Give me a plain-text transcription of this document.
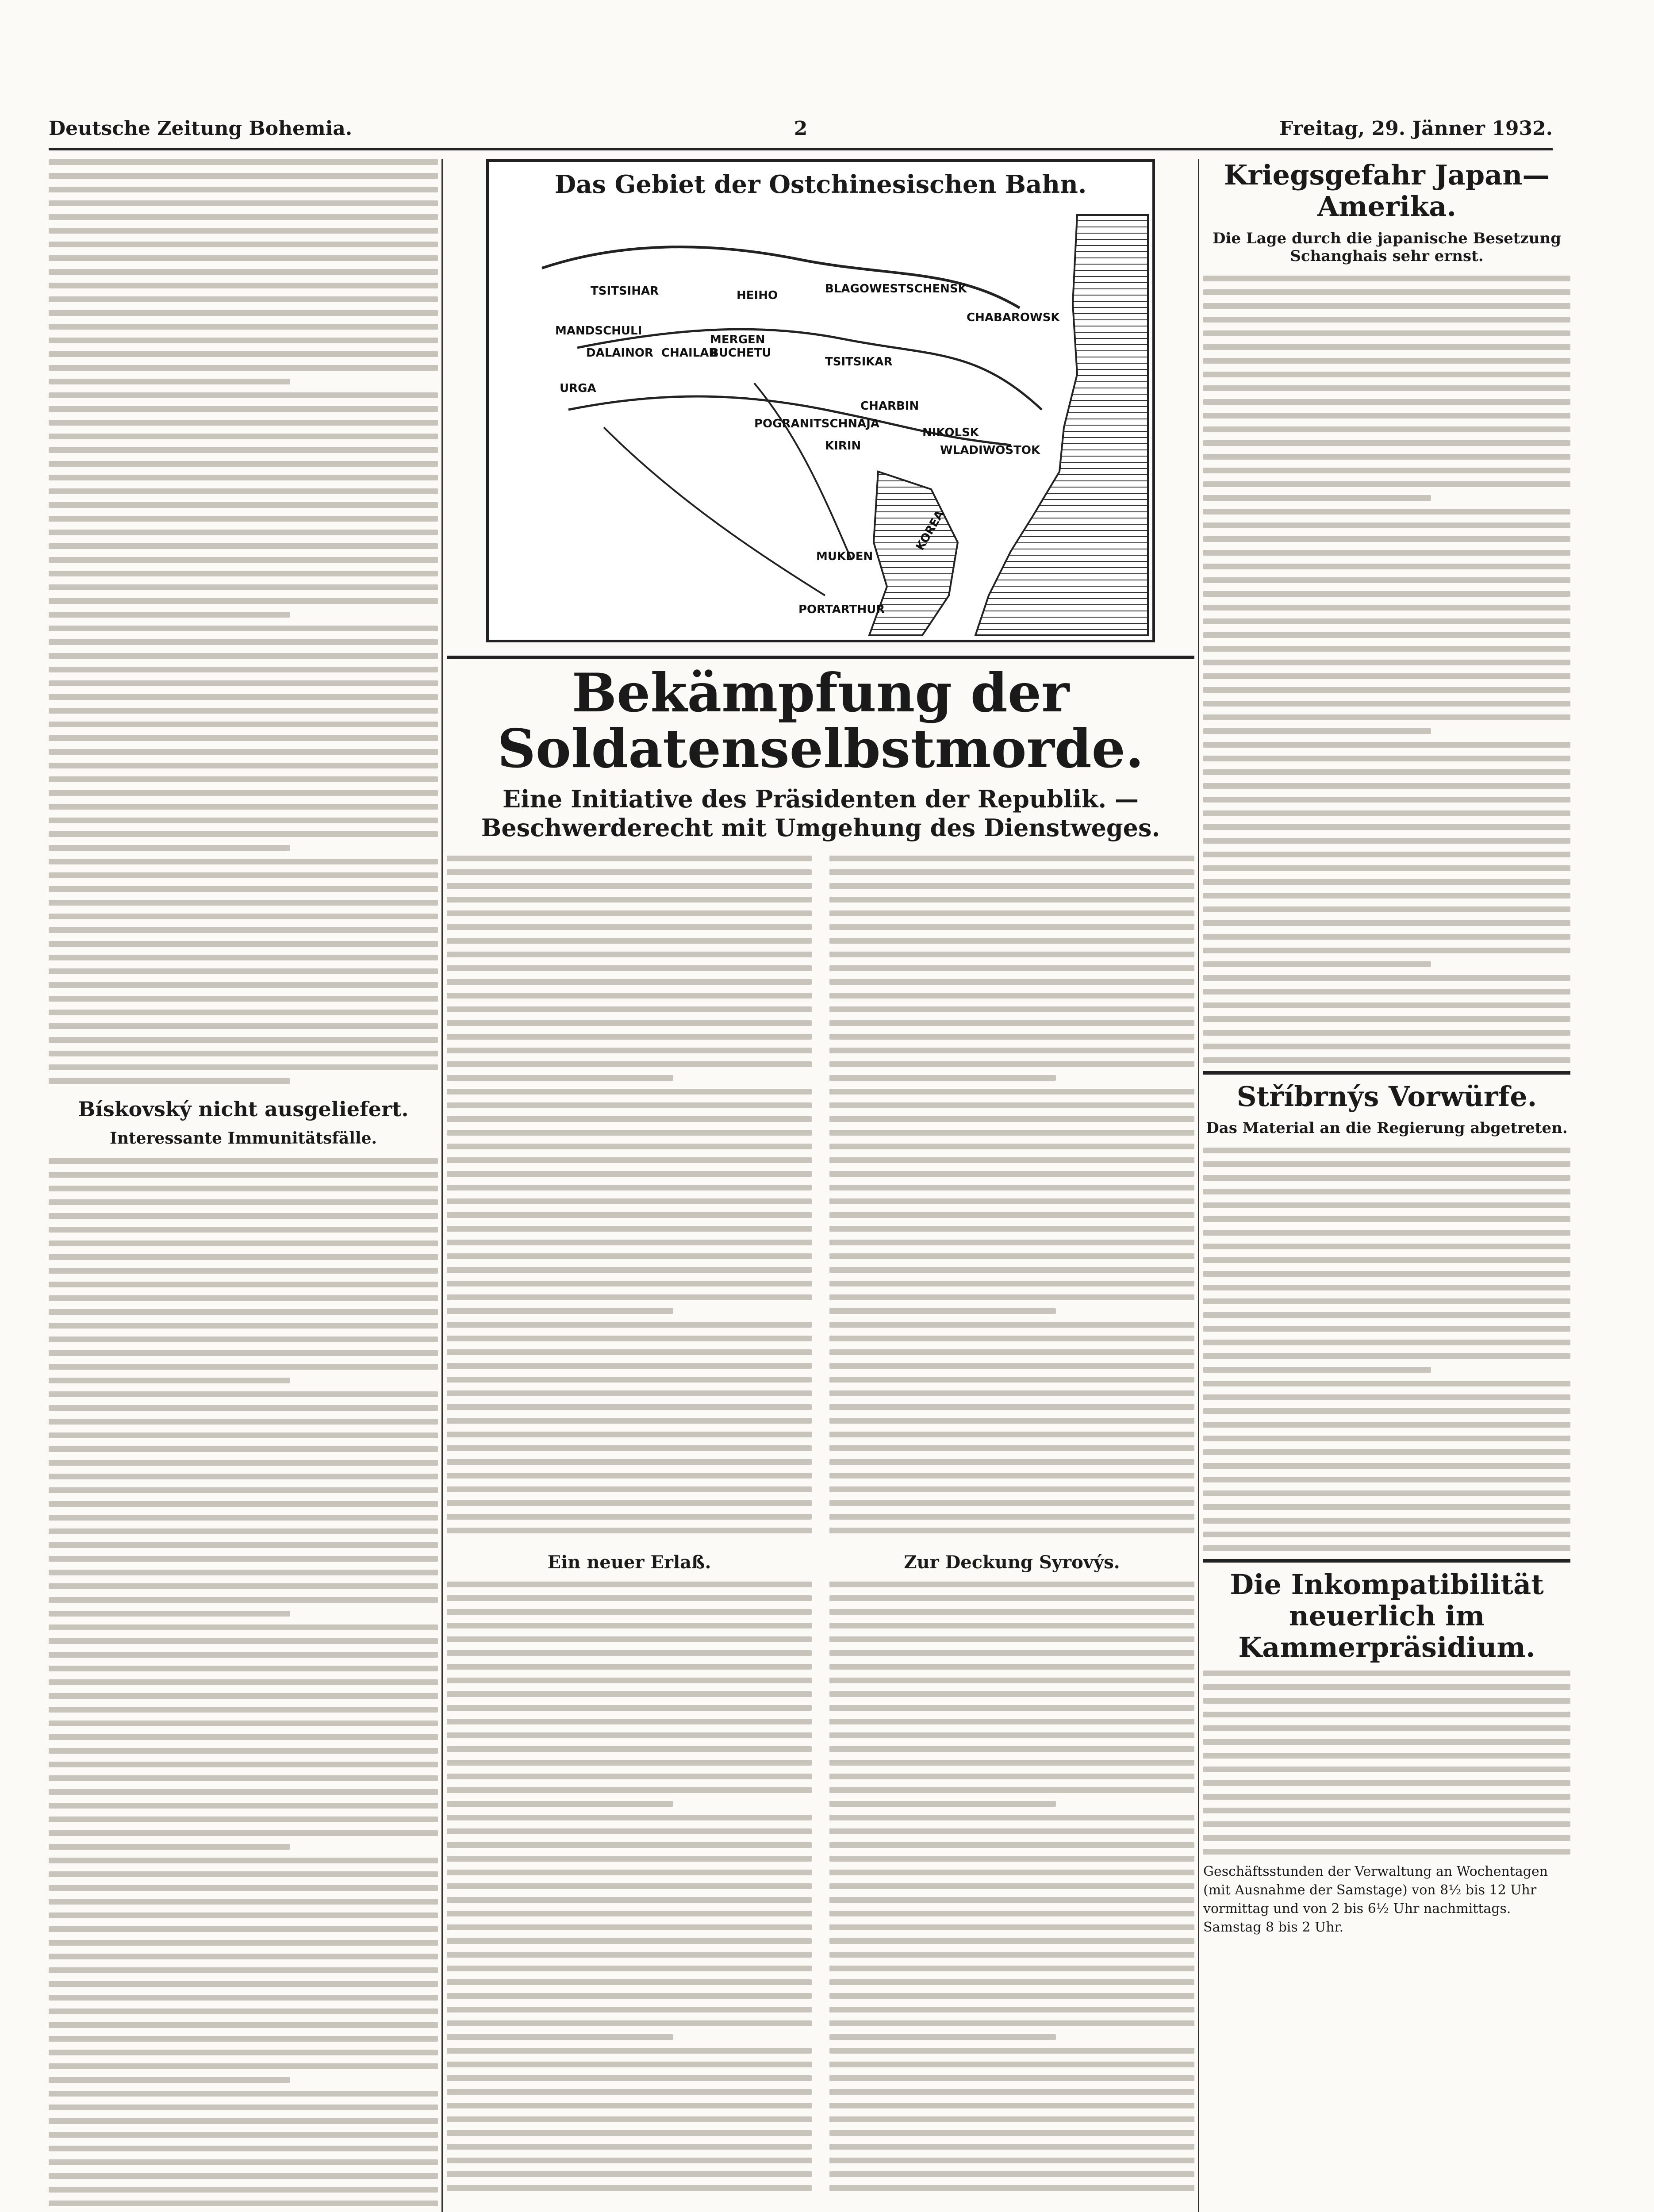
Deutsche Zeitung Bohemia.	2	Freitag, 29. Jänner 1932.
Bískovský nicht ausgeliefert.
Interessante Immunitätsfälle.
Das Gebiet der Ostchinesischen Bahn.
TSITSIHAR	HEIHO	BLAGOWESTSCHENSK
CHABAROWSK
MANDSCHULI
DALAINOR CHAILAR
MERGEN
BUCHETU
TSITSIKAR
CHARBIN
POGRANITSCHNAJA
NIKOLSK
KIRIN	WLADIWOSTOK
URGA
MUKDEN
KOREA
PORTARTHUR
Bekämpfung der Soldatenselbstmorde.
Eine Initiative des Präsidenten der Republik. — Beschwerderecht mit Umgehung des Dienstweges.
Ein neuer Erlaß.	Zur Deckung Syrovýs.
Kriegsgefahr Japan—Amerika.
Die Lage durch die japanische Besetzung Schanghais sehr ernst.
Stříbrnýs Vorwürfe.
Das Material an die Regierung abgetreten.
Die Inkompatibilität neuerlich im Kammerpräsidium.
Geschäftsstunden der Verwaltung an Wochentagen (mit Ausnahme der Samstage) von 8½ bis 12 Uhr vormittag und von 2 bis 6½ Uhr nachmittags. Samstag 8 bis 2 Uhr.
